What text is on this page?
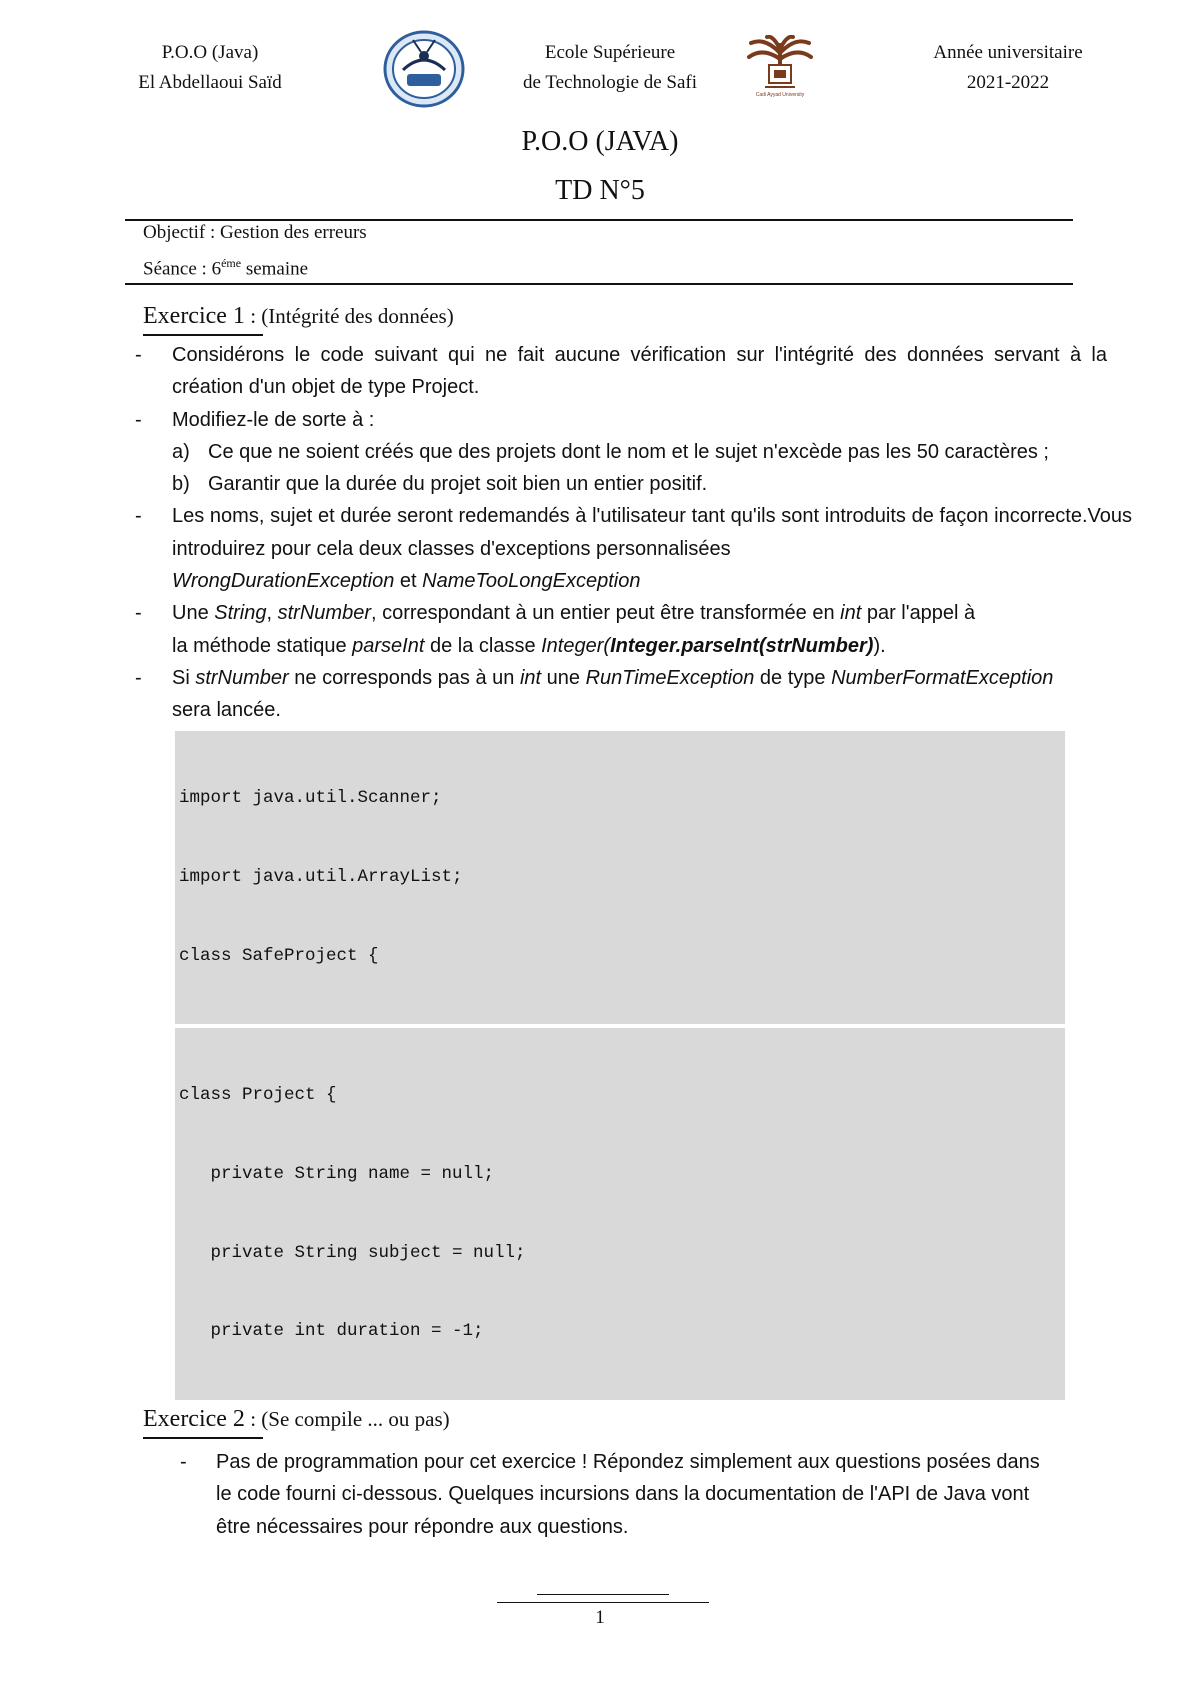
P.O.O (Java)
El Abdellaoui Saïd
Ecole Supérieure
de Technologie de Safi
Cadi Ayyad University
Année universitaire
2021-2022
P.O.O (JAVA)
TD N°5
Objectif : Gestion des erreurs
Séance : $6^{éme}$ semaine
Exercice 1
: (Intégrité des données)
- Considérons le code suivant qui ne fait aucune vérification sur l'intégrité des données servant à la création d'un objet de type Project.
- Modifiez-le de sorte à :
a) Ce que ne soient créés que des projets dont le nom et le sujet n'excède pas les 50 caractères ;
b) Garantir que la durée du projet soit bien un entier positif.
- Les noms, sujet et durée seront redemandés à l'utilisateur tant qu'ils sont introduits de façon incorrecte.Vous introduirez pour cela deux classes d'exceptions personnalisées
WrongDurationException et NameTooLongException
- Une String, strNumber, correspondant à un entier peut être transformée en int par l'appel à
la méthode statique parseInt de la classe Integer(Integer.parseInt(strNumber)).
- Si strNumber ne corresponds pas à un int une RunTimeException de type NumberFormatException
sera lancée.

import java.util.Scanner;

import java.util.ArrayList;

class SafeProject {

class Project {

private String name = null;

private String subject = null;

private int duration = -1;

Exercice 2
: (Se compile ... ou pas)
- Pas de programmation pour cet exercice ! Répondez simplement aux questions posées dans le code fourni ci-dessous. Quelques incursions dans la documentation de l'API de Java vont être nécessaires pour répondre aux questions.
1
